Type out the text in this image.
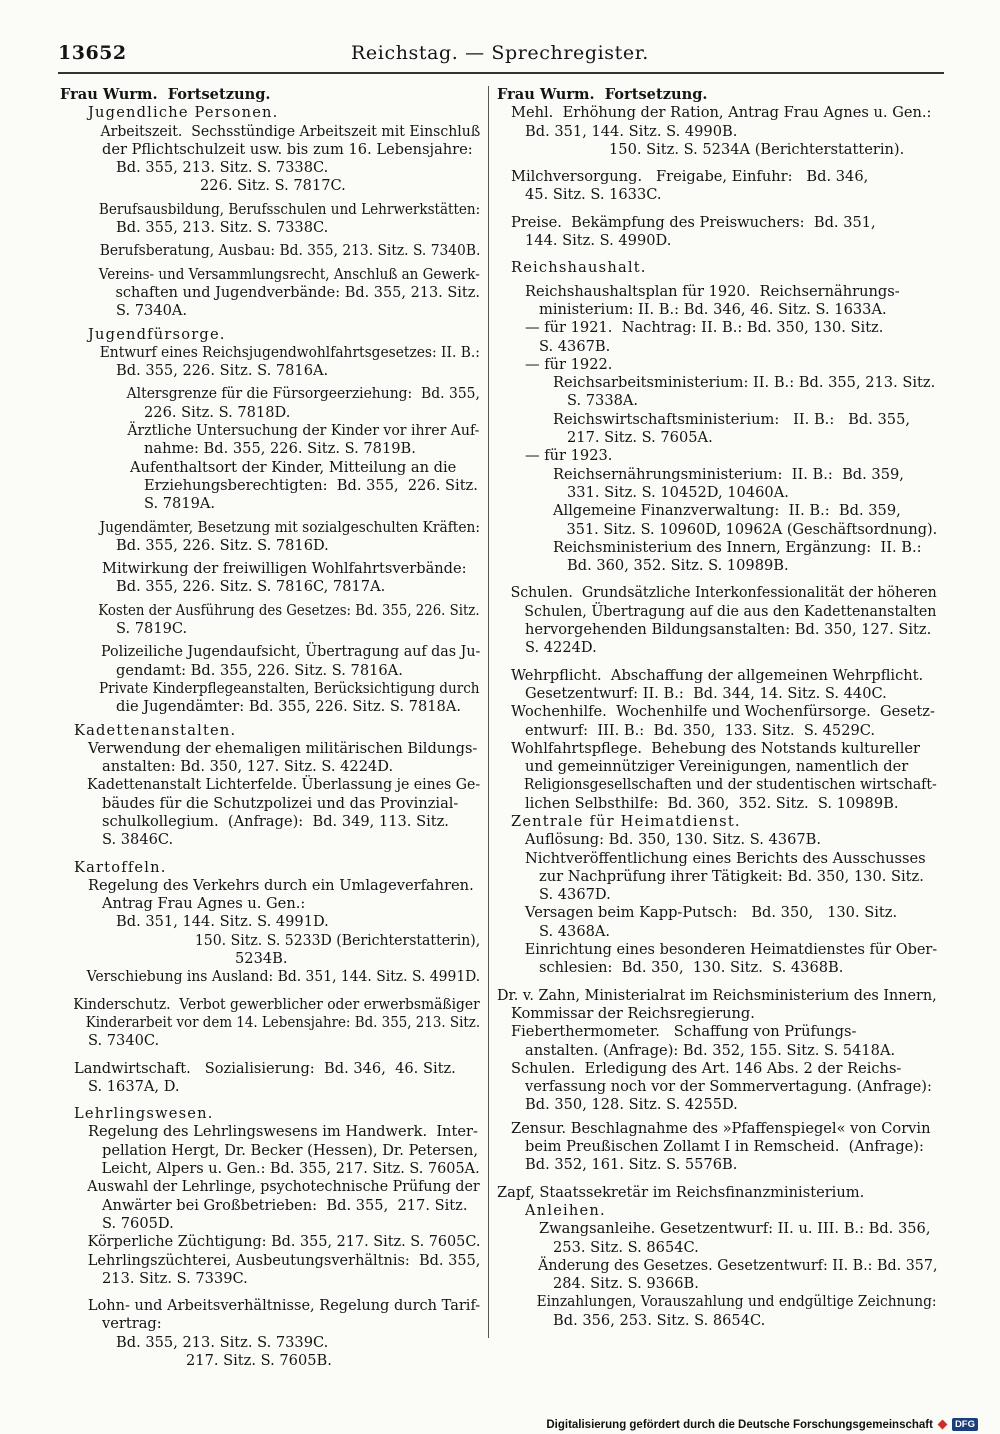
13652	Reichstag. — Sprechregister.
Frau Wurm.  Fortsetzung.
Jugendliche Personen.
Arbeitszeit.  Sechsstündige Arbeitszeit mit Einschluß
der Pflichtschulzeit usw. bis zum 16. Lebensjahre:
Bd. 355, 213. Sitz. S. 7338C.
226. Sitz. S. 7817C.
Berufsausbildung, Berufsschulen und Lehrwerkstätten:
Bd. 355, 213. Sitz. S. 7338C.
Berufsberatung, Ausbau: Bd. 355, 213. Sitz. S. 7340B.
Vereins- und Versammlungsrecht, Anschluß an Gewerk-
schaften und Jugendverbände: Bd. 355, 213. Sitz.
S. 7340A.
Jugendfürsorge.
Entwurf eines Reichsjugendwohlfahrtsgesetzes: II. B.:
Bd. 355, 226. Sitz. S. 7816A.
Altersgrenze für die Fürsorgeerziehung:  Bd. 355,
226. Sitz. S. 7818D.
Ärztliche Untersuchung der Kinder vor ihrer Auf-
nahme: Bd. 355, 226. Sitz. S. 7819B.
Aufenthaltsort der Kinder, Mitteilung an die
Erziehungsberechtigten:  Bd. 355,  226. Sitz.
S. 7819A.
Jugendämter, Besetzung mit sozialgeschulten Kräften:
Bd. 355, 226. Sitz. S. 7816D.
Mitwirkung der freiwilligen Wohlfahrtsverbände:
Bd. 355, 226. Sitz. S. 7816C, 7817A.
Kosten der Ausführung des Gesetzes: Bd. 355, 226. Sitz.
S. 7819C.
Polizeiliche Jugendaufsicht, Übertragung auf das Ju-
gendamt: Bd. 355, 226. Sitz. S. 7816A.
Private Kinderpflegeanstalten, Berücksichtigung durch
die Jugendämter: Bd. 355, 226. Sitz. S. 7818A.
Kadettenanstalten.
Verwendung der ehemaligen militärischen Bildungs-
anstalten: Bd. 350, 127. Sitz. S. 4224D.
Kadettenanstalt Lichterfelde. Überlassung je eines Ge-
bäudes für die Schutzpolizei und das Provinzial-
schulkollegium.  (Anfrage):  Bd. 349, 113. Sitz.
S. 3846C.
Kartoffeln.
Regelung des Verkehrs durch ein Umlageverfahren.
Antrag Frau Agnes u. Gen.:
Bd. 351, 144. Sitz. S. 4991D.
150. Sitz. S. 5233D (Berichterstatterin),
5234B.
Verschiebung ins Ausland: Bd. 351, 144. Sitz. S. 4991D.
Kinderschutz.  Verbot gewerblicher oder erwerbsmäßiger
Kinderarbeit vor dem 14. Lebensjahre: Bd. 355, 213. Sitz.
S. 7340C.
Landwirtschaft.   Sozialisierung:  Bd. 346,  46. Sitz.
S. 1637A, D.
Lehrlingswesen.
Regelung des Lehrlingswesens im Handwerk.  Inter-
pellation Hergt, Dr. Becker (Hessen), Dr. Petersen,
Leicht, Alpers u. Gen.: Bd. 355, 217. Sitz. S. 7605A.
Auswahl der Lehrlinge, psychotechnische Prüfung der
Anwärter bei Großbetrieben:  Bd. 355,  217. Sitz.
S. 7605D.
Körperliche Züchtigung: Bd. 355, 217. Sitz. S. 7605C.
Lehrlingszüchterei, Ausbeutungsverhältnis:  Bd. 355,
213. Sitz. S. 7339C.
Lohn- und Arbeitsverhältnisse, Regelung durch Tarif-
vertrag:
Bd. 355, 213. Sitz. S. 7339C.
217. Sitz. S. 7605B.
Frau Wurm.  Fortsetzung.
Mehl.  Erhöhung der Ration, Antrag Frau Agnes u. Gen.:
Bd. 351, 144. Sitz. S. 4990B.
150. Sitz. S. 5234A (Berichterstatterin).
Milchversorgung.   Freigabe, Einfuhr:   Bd. 346,
45. Sitz. S. 1633C.
Preise.  Bekämpfung des Preiswuchers:  Bd. 351,
144. Sitz. S. 4990D.
Reichshaushalt.
Reichshaushaltsplan für 1920.  Reichsernährungs-
ministerium: II. B.: Bd. 346, 46. Sitz. S. 1633A.
— für 1921.  Nachtrag: II. B.: Bd. 350, 130. Sitz.
S. 4367B.
— für 1922.
Reichsarbeitsministerium: II. B.: Bd. 355, 213. Sitz.
S. 7338A.
Reichswirtschaftsministerium:   II. B.:   Bd. 355,
217. Sitz. S. 7605A.
— für 1923.
Reichsernährungsministerium:  II. B.:  Bd. 359,
331. Sitz. S. 10452D, 10460A.
Allgemeine Finanzverwaltung:  II. B.:  Bd. 359,
351. Sitz. S. 10960D, 10962A (Geschäftsordnung).
Reichsministerium des Innern, Ergänzung:  II. B.:
Bd. 360, 352. Sitz. S. 10989B.
Schulen.  Grundsätzliche Interkonfessionalität der höheren
Schulen, Übertragung auf die aus den Kadettenanstalten
hervorgehenden Bildungsanstalten: Bd. 350, 127. Sitz.
S. 4224D.
Wehrpflicht.  Abschaffung der allgemeinen Wehrpflicht.
Gesetzentwurf: II. B.:  Bd. 344, 14. Sitz. S. 440C.
Wochenhilfe.  Wochenhilfe und Wochenfürsorge.  Gesetz-
entwurf:  III. B.:  Bd. 350,  133. Sitz.  S. 4529C.
Wohlfahrtspflege.  Behebung des Notstands kultureller
und gemeinnütziger Vereinigungen, namentlich der
Religionsgesellschaften und der studentischen wirtschaft-
lichen Selbsthilfe:  Bd. 360,  352. Sitz.  S. 10989B.
Zentrale für Heimatdienst.
Auflösung: Bd. 350, 130. Sitz. S. 4367B.
Nichtveröffentlichung eines Berichts des Ausschusses
zur Nachprüfung ihrer Tätigkeit: Bd. 350, 130. Sitz.
S. 4367D.
Versagen beim Kapp-Putsch:   Bd. 350,   130. Sitz.
S. 4368A.
Einrichtung eines besonderen Heimatdienstes für Ober-
schlesien:  Bd. 350,  130. Sitz.  S. 4368B.
Dr. v. Zahn, Ministerialrat im Reichsministerium des Innern,
Kommissar der Reichsregierung.
Fieberthermometer.   Schaffung von Prüfungs-
anstalten. (Anfrage): Bd. 352, 155. Sitz. S. 5418A.
Schulen.  Erledigung des Art. 146 Abs. 2 der Reichs-
verfassung noch vor der Sommervertagung. (Anfrage):
Bd. 350, 128. Sitz. S. 4255D.
Zensur. Beschlagnahme des »Pfaffenspiegel« von Corvin
beim Preußischen Zollamt I in Remscheid.  (Anfrage):
Bd. 352, 161. Sitz. S. 5576B.
Zapf, Staatssekretär im Reichsfinanzministerium.
Anleihen.
Zwangsanleihe. Gesetzentwurf: II. u. III. B.: Bd. 356,
253. Sitz. S. 8654C.
Änderung des Gesetzes. Gesetzentwurf: II. B.: Bd. 357,
284. Sitz. S. 9366B.
Einzahlungen, Vorauszahlung und endgültige Zeichnung:
Bd. 356, 253. Sitz. S. 8654C.
Digitalisierung gefördert durch die Deutsche Forschungsgemeinschaft	DFG
